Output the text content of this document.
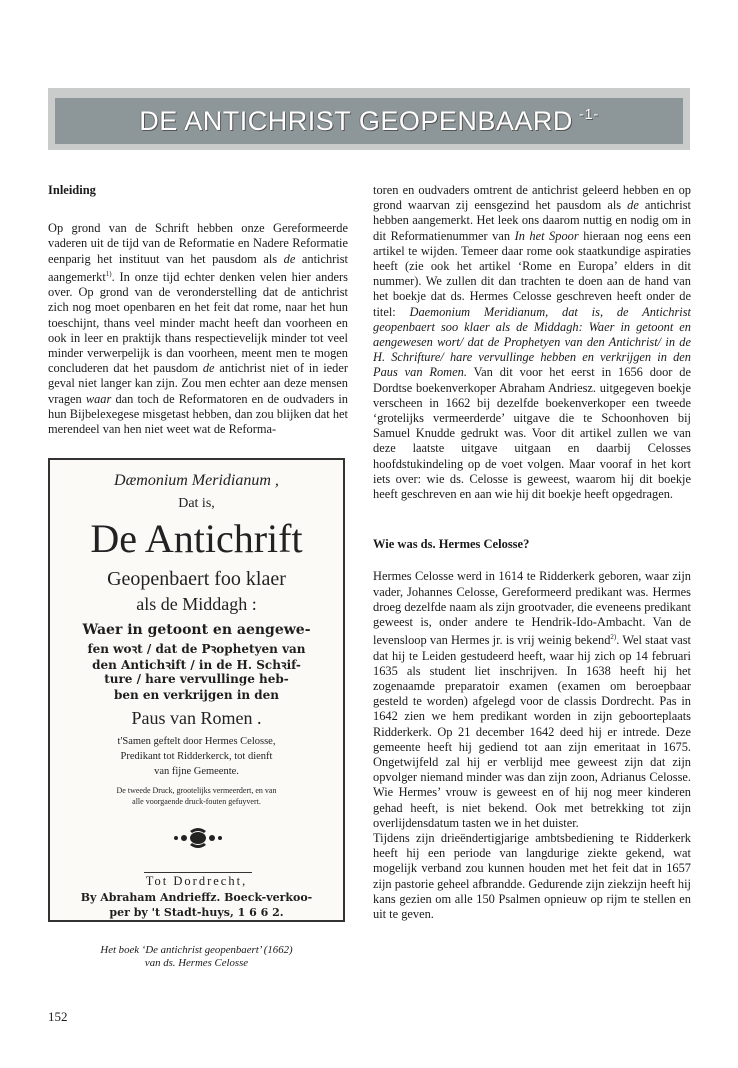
DE ANTICHRIST GEOPENBAARD $^{-1-}$

Inleiding

Op grond van de Schrift hebben onze Gereformeerde vaderen uit de tijd van de Reformatie en Nadere Reformatie eenparig het instituut van het pausdom als de antichrist aangemerkt$^{1)}$. In onze tijd echter denken velen hier anders over. Op grond van de veronderstelling dat de antichrist zich nog moet openbaren en het feit dat rome, naar het hun toeschijnt, thans veel minder macht heeft dan voorheen en ook in leer en praktijk thans respectievelijk minder tot veel minder verwerpelijk is dan voorheen, meent men te mogen concluderen dat het pausdom de antichrist niet of in ieder geval niet langer kan zijn. Zou men echter aan deze mensen vragen waar dan toch de Reformatoren en de oudvaders in hun Bijbelexegese misgetast hebben, dan zou blijken dat het merendeel van hen niet weet wat de Reforma-

Dæmonium Meridianum ,
Dat is,
De Antichrift
Geopenbaert foo klaer
als de Middagh :
Waer in getoont en aengewe-
fen woꝛt / dat de Pꝛophetyen van
den Antichꝛift / in de H. Schꝛif-
ture / hare vervullinge heb-
ben en verkrijgen in den
Paus van Romen .
t'Samen geftelt door Hermes Celosse,
Predikant tot Ridderkerck, tot dienft
van fijne Gemeente.
De tweede Druck, grootelijks vermeerdert, en van
alle voorgaende druck-fouten gefuyvert.
Tot Dordrecht,
By Abraham Andrieffz. Boeck-verkoo-
per by 't Stadt-huys, 1 6 6 2.
Het boek ‘De antichrist geopenbaert’ (1662)
van ds. Hermes Celosse
152

toren en oudvaders omtrent de antichrist geleerd hebben en op grond waarvan zij eensgezind het pausdom als de antichrist hebben aangemerkt. Het leek ons daarom nuttig en nodig om in dit Reformatienummer van In het Spoor hieraan nog eens een artikel te wijden. Temeer daar rome ook staatkundige aspiraties heeft (zie ook het artikel ‘Rome en Europa’ elders in dit nummer). We zullen dit dan trachten te doen aan de hand van het boekje dat ds. Hermes Celosse geschreven heeft onder de titel: Daemonium Meridianum, dat is, de Antichrist geopenbaert soo klaer als de Middagh: Waer in getoont en aengewesen wort/ dat de Prophetyen van den Antichrist/ in de H. Schrifture/ hare vervullinge hebben en verkrijgen in den Paus van Romen. Van dit voor het eerst in 1656 door de Dordtse boekenverkoper Abraham Andriesz. uitgegeven boekje verscheen in 1662 bij dezelfde boekenverkoper een tweede ‘grotelijks vermeerderde’ uitgave die te Schoonhoven bij Samuel Knudde gedrukt was. Voor dit artikel zullen we van deze laatste uitgave uitgaan en daarbij Celosses hoofdstukindeling op de voet volgen. Maar vooraf in het kort iets over: wie ds. Celosse is geweest, waarom hij dit boekje heeft geschreven en aan wie hij dit boekje heeft opgedragen.

Wie was ds. Hermes Celosse?

Hermes Celosse werd in 1614 te Ridderkerk geboren, waar zijn vader, Johannes Celosse, Gereformeerd predikant was. Hermes droeg dezelfde naam als zijn grootvader, die eveneens predikant geweest is, onder andere te Hendrik-Ido-Ambacht. Van de levensloop van Hermes jr. is vrij weinig bekend$^{2)}$. Wel staat vast dat hij te Leiden gestudeerd heeft, waar hij zich op 14 februari 1635 als student liet inschrijven. In 1638 heeft hij het zogenaamde preparatoir examen (examen om beroepbaar gesteld te worden) afgelegd voor de classis Dordrecht. Pas in 1642 zien we hem predikant worden in zijn geboorteplaats Ridderkerk. Op 21 december 1642 deed hij er intrede. Deze gemeente heeft hij gediend tot aan zijn emeritaat in 1675. Ongetwijfeld zal hij er verblijd mee geweest zijn dat zijn opvolger niemand minder was dan zijn zoon, Adrianus Celosse. Wie Hermes’ vrouw is geweest en of hij nog meer kinderen gehad heeft, is niet bekend. Ook met betrekking tot zijn overlijdensdatum tasten we in het duister.

Tijdens zijn drieëndertigjarige ambtsbediening te Ridderkerk heeft hij een periode van langdurige ziekte gekend, wat mogelijk verband zou kunnen houden met het feit dat in 1657 zijn pastorie geheel afbrandde. Gedurende zijn ziekzijn heeft hij kans gezien om alle 150 Psalmen opnieuw op rijm te stellen en uit te geven.
